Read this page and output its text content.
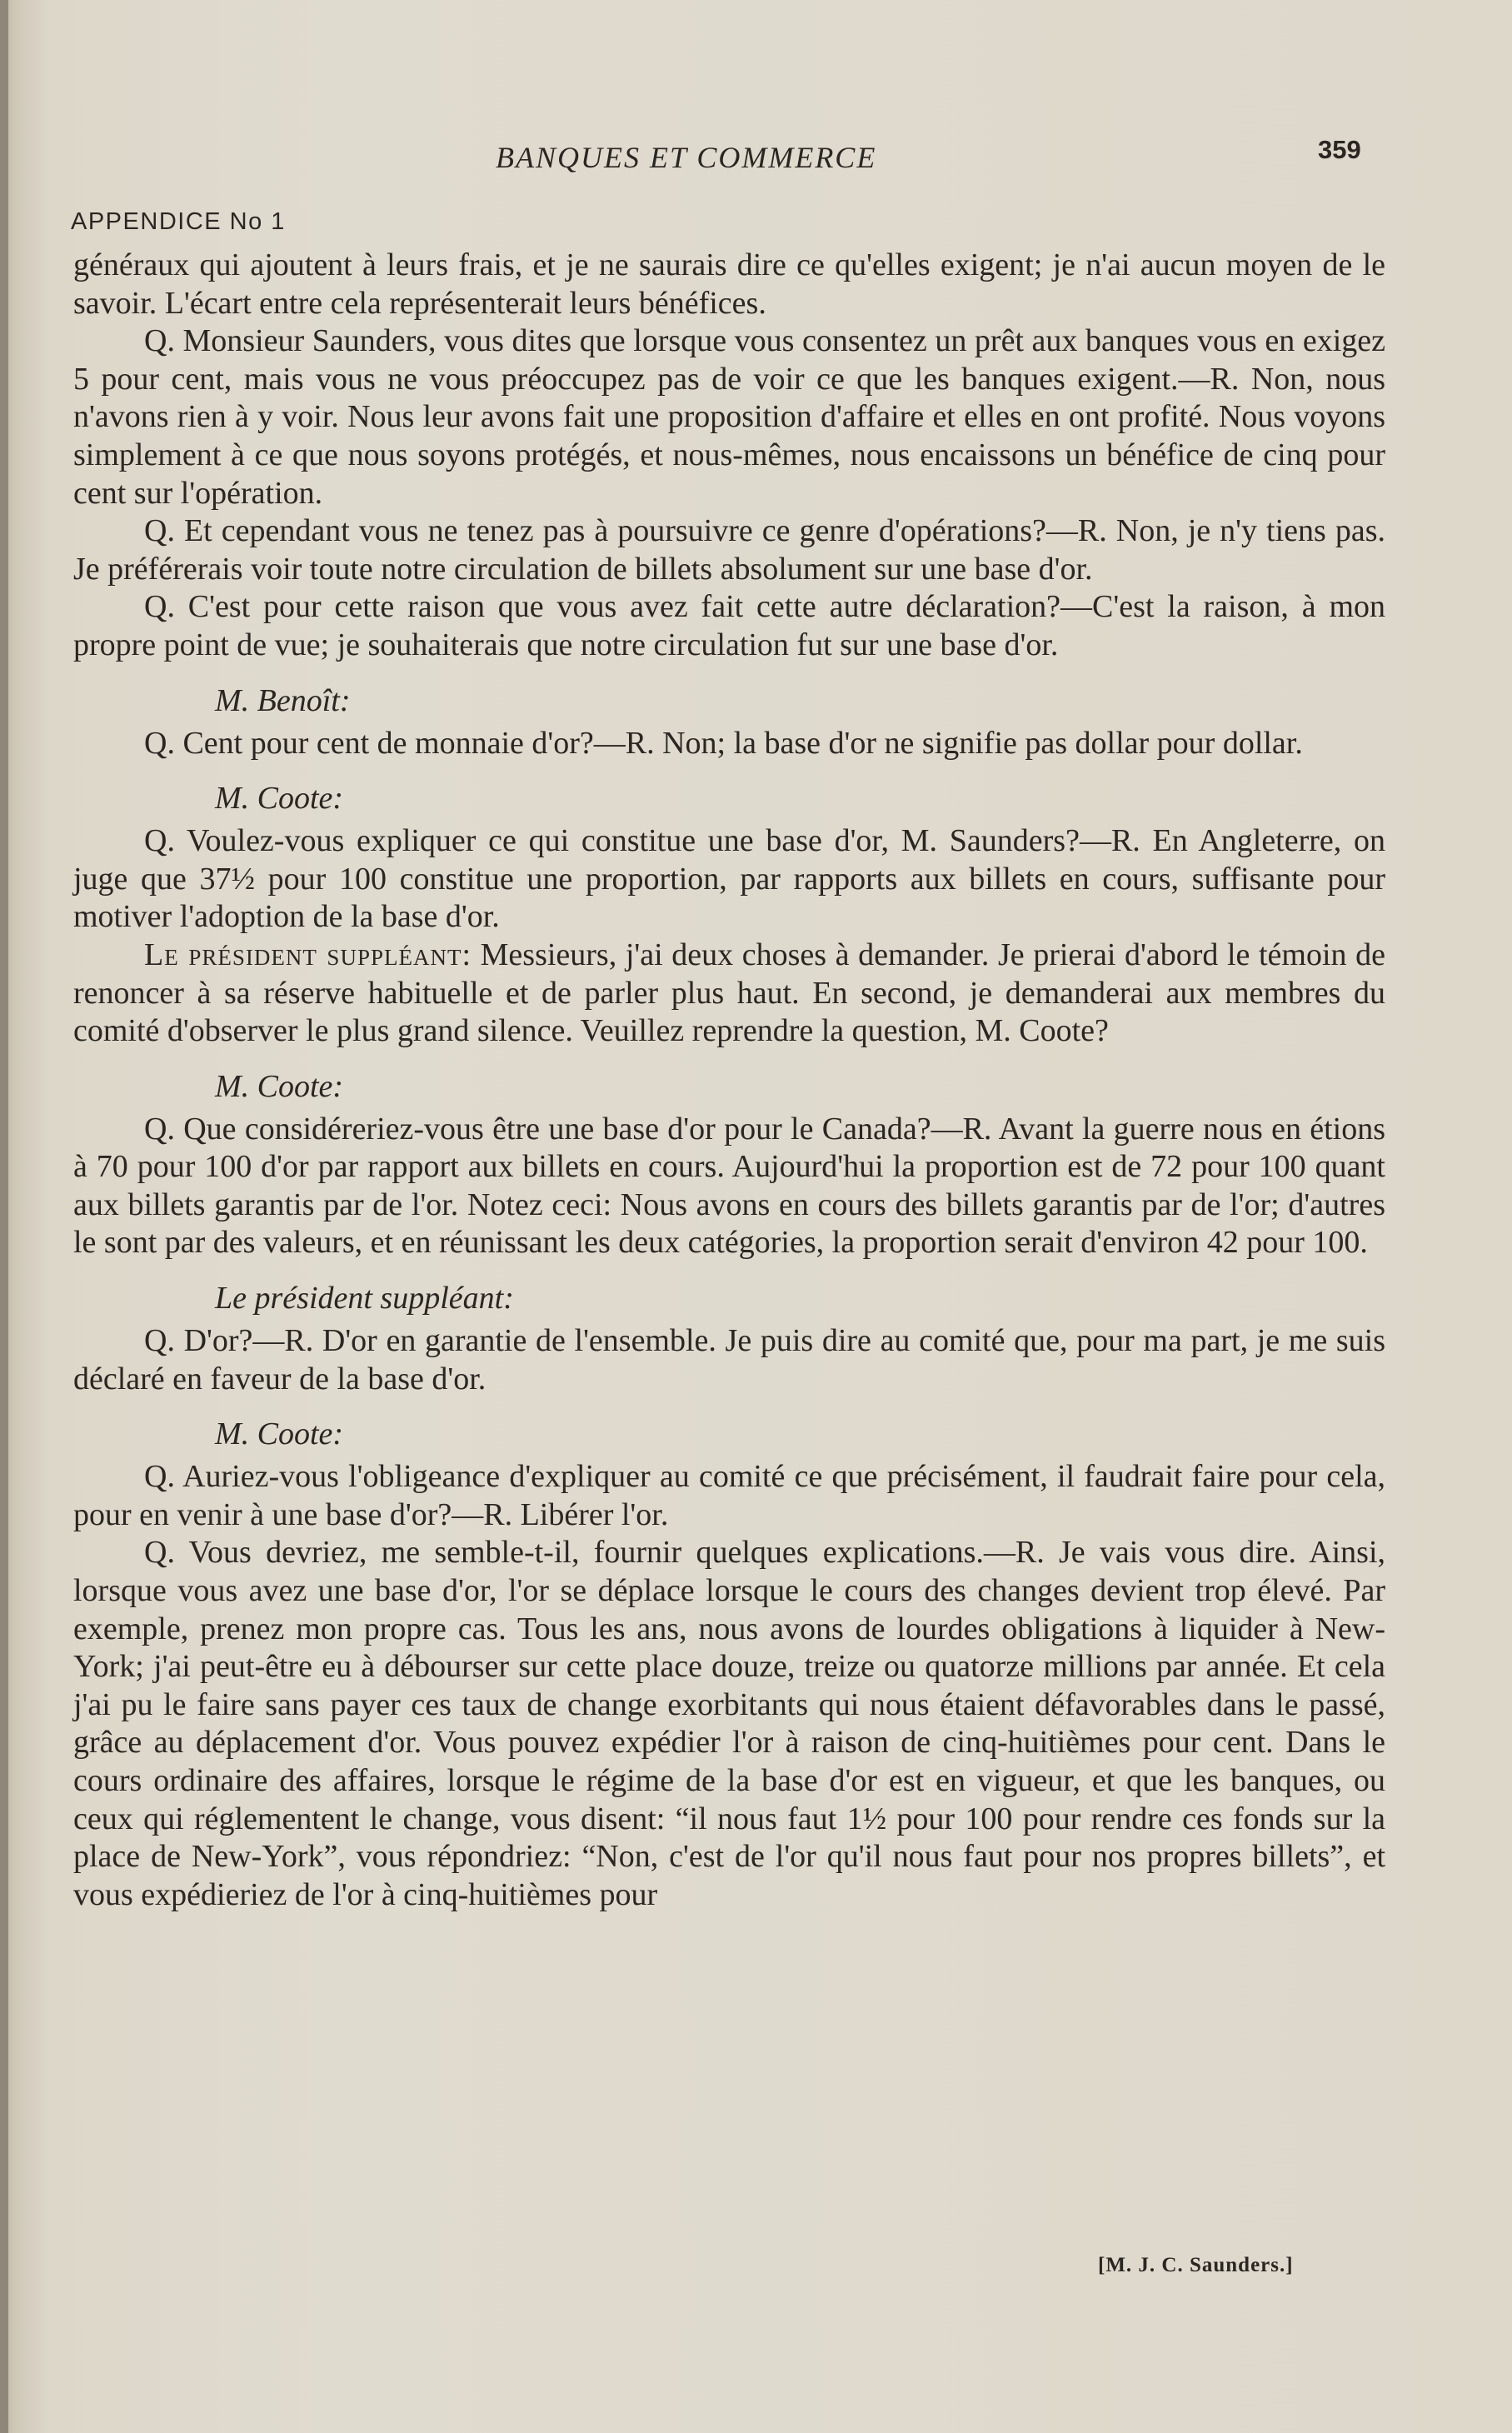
BANQUES ET COMMERCE	359
APPENDICE No 1

généraux qui ajoutent à leurs frais, et je ne saurais dire ce qu'elles exigent; je n'ai aucun moyen de le savoir. L'écart entre cela représenterait leurs bénéfices.

Q. Monsieur Saunders, vous dites que lorsque vous consentez un prêt aux banques vous en exigez 5 pour cent, mais vous ne vous préoccupez pas de voir ce que les banques exigent.—R. Non, nous n'avons rien à y voir. Nous leur avons fait une proposition d'affaire et elles en ont profité. Nous voyons simplement à ce que nous soyons protégés, et nous-mêmes, nous encaissons un bénéfice de cinq pour cent sur l'opération.

Q. Et cependant vous ne tenez pas à poursuivre ce genre d'opérations?—R. Non, je n'y tiens pas. Je préférerais voir toute notre circulation de billets absolument sur une base d'or.

Q. C'est pour cette raison que vous avez fait cette autre déclaration?—C'est la raison, à mon propre point de vue; je souhaiterais que notre circulation fut sur une base d'or.

M. Benoît:

Q. Cent pour cent de monnaie d'or?—R. Non; la base d'or ne signifie pas dollar pour dollar.

M. Coote:

Q. Voulez-vous expliquer ce qui constitue une base d'or, M. Saunders?—R. En Angleterre, on juge que 37½ pour 100 constitue une proportion, par rapports aux billets en cours, suffisante pour motiver l'adoption de la base d'or.

Le président suppléant: Messieurs, j'ai deux choses à demander. Je prierai d'abord le témoin de renoncer à sa réserve habituelle et de parler plus haut. En second, je demanderai aux membres du comité d'observer le plus grand silence. Veuillez reprendre la question, M. Coote?

M. Coote:

Q. Que considéreriez-vous être une base d'or pour le Canada?—R. Avant la guerre nous en étions à 70 pour 100 d'or par rapport aux billets en cours. Aujourd'hui la proportion est de 72 pour 100 quant aux billets garantis par de l'or. Notez ceci: Nous avons en cours des billets garantis par de l'or; d'autres le sont par des valeurs, et en réunissant les deux catégories, la proportion serait d'environ 42 pour 100.

Le président suppléant:

Q. D'or?—R. D'or en garantie de l'ensemble. Je puis dire au comité que, pour ma part, je me suis déclaré en faveur de la base d'or.

M. Coote:

Q. Auriez-vous l'obligeance d'expliquer au comité ce que précisément, il faudrait faire pour cela, pour en venir à une base d'or?—R. Libérer l'or.

Q. Vous devriez, me semble-t-il, fournir quelques explications.—R. Je vais vous dire. Ainsi, lorsque vous avez une base d'or, l'or se déplace lorsque le cours des changes devient trop élevé. Par exemple, prenez mon propre cas. Tous les ans, nous avons de lourdes obligations à liquider à New-York; j'ai peut-être eu à débourser sur cette place douze, treize ou quatorze millions par année. Et cela j'ai pu le faire sans payer ces taux de change exorbitants qui nous étaient défavorables dans le passé, grâce au déplacement d'or. Vous pouvez expédier l'or à raison de cinq-huitièmes pour cent. Dans le cours ordinaire des affaires, lorsque le régime de la base d'or est en vigueur, et que les banques, ou ceux qui réglementent le change, vous disent: “il nous faut 1½ pour 100 pour rendre ces fonds sur la place de New-York”, vous répondriez: “Non, c'est de l'or qu'il nous faut pour nos propres billets”, et vous expédieriez de l'or à cinq-huitièmes pour

[M. J. C. Saunders.]
